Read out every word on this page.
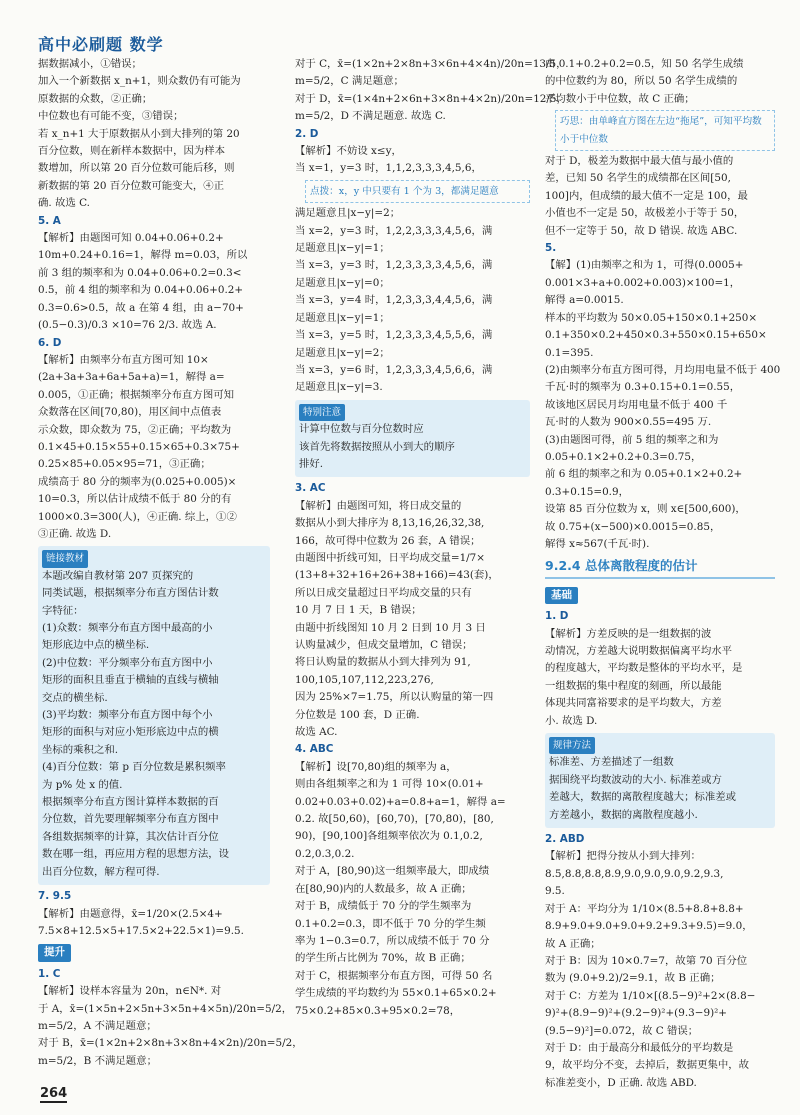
高中必刷题 数学
据数据减小，①错误；
加入一个新数据 x_n+1，则众数仍有可能为
原数据的众数，②正确；
中位数也有可能不变，③错误；
若 x_n+1 大于原数据从小到大排列的第 20
百分位数，则在新样本数据中，因为样本
数增加，所以第 20 百分位数可能后移，则
新数据的第 20 百分位数可能变大，④正
确. 故选 C.
5. A
【解析】由题图可知 0.04+0.06+0.2+
10m+0.24+0.16=1，解得 m=0.03，所以
前 3 组的频率和为 0.04+0.06+0.2=0.3<
0.5，前 4 组的频率和为 0.04+0.06+0.2+
0.3=0.6>0.5，故 a 在第 4 组，由 a−70+
(0.5−0.3)/0.3 ×10=76 2/3. 故选 A.
6. D
【解析】由频率分布直方图可知 10×
(2a+3a+3a+6a+5a+a)=1，解得 a=
0.005，①正确；根据频率分布直方图可知
众数落在区间[70,80)，用区间中点值表
示众数，即众数为 75，②正确；平均数为
0.1×45+0.15×55+0.15×65+0.3×75+
0.25×85+0.05×95=71，③正确；
成绩高于 80 分的频率为(0.025+0.005)×
10=0.3，所以估计成绩不低于 80 分的有
1000×0.3=300(人)，④正确. 综上，①②
③正确. 故选 D.
链接教材
本题改编自教材第 207 页探究的
同类试题，根据频率分布直方图估计数
字特征：
(1)众数：频率分布直方图中最高的小
矩形底边中点的横坐标.
(2)中位数：平分频率分布直方图中小
矩形的面积且垂直于横轴的直线与横轴
交点的横坐标.
(3)平均数：频率分布直方图中每个小
矩形的面积与对应小矩形底边中点的横
坐标的乘积之和.
(4)百分位数：第 p 百分位数是累积频率
为 p% 处 x 的值.
根据频率分布直方图计算样本数据的百
分位数，首先要理解频率分布直方图中
各组数据频率的计算，其次估计百分位
数在哪一组，再应用方程的思想方法，设
出百分位数，解方程可得.
7. 9.5
【解析】由题意得，x̄=1/20×(2.5×4+
7.5×8+12.5×5+17.5×2+22.5×1)=9.5.
提升
1. C
【解析】设样本容量为 20n，n∈N*. 对
于 A，x̄=(1×5n+2×5n+3×5n+4×5n)/20n=5/2，
m=5/2，A 不满足题意；
对于 B，x̄=(1×2n+2×8n+3×8n+4×2n)/20n=5/2，
m=5/2，B 不满足题意；
对于 C，x̄=(1×2n+2×8n+3×6n+4×4n)/20n=13/5，
m=5/2，C 满足题意；
对于 D，x̄=(1×4n+2×6n+3×8n+4×2n)/20n=12/5，
m=5/2，D 不满足题意. 故选 C.
2. D
【解析】不妨设 x≤y，
当 x=1，y=3 时，1,1,2,3,3,3,4,5,6，
点拨：x，y 中只要有 1 个为 3，都满足题意
满足题意且|x−y|=2；
当 x=2，y=3 时，1,2,2,3,3,3,4,5,6，满
足题意且|x−y|=1；
当 x=3，y=3 时，1,2,3,3,3,3,4,5,6，满
足题意且|x−y|=0；
当 x=3，y=4 时，1,2,3,3,3,4,4,5,6，满
足题意且|x−y|=1；
当 x=3，y=5 时，1,2,3,3,3,4,5,5,6，满
足题意且|x−y|=2；
当 x=3，y=6 时，1,2,3,3,3,4,5,6,6，满
足题意且|x−y|=3.
特别注意
计算中位数与百分位数时应
该首先将数据按照从小到大的顺序
排好.
3. AC
【解析】由题图可知，将日成交量的
数据从小到大排序为 8,13,16,26,32,38,
166，故可得中位数为 26 套，A 错误；
由题图中折线可知，日平均成交量=1/7×
(13+8+32+16+26+38+166)=43(套)，
所以日成交量超过日平均成交量的只有
10 月 7 日 1 天，B 错误；
由题中折线图知 10 月 2 日到 10 月 3 日
认购量减少，但成交量增加，C 错误；
将日认购量的数据从小到大排列为 91,
100,105,107,112,223,276,
因为 25%×7=1.75，所以认购量的第一四
分位数是 100 套，D 正确.
故选 AC.
4. ABC
【解析】设[70,80)组的频率为 a，
则由各组频率之和为 1 可得 10×(0.01+
0.02+0.03+0.02)+a=0.8+a=1，解得 a=
0.2. 故[50,60)，[60,70)，[70,80)，[80,
90)，[90,100]各组频率依次为 0.1,0.2,
0.2,0.3,0.2.
对于 A，[80,90)这一组频率最大，即成绩
在[80,90)内的人数最多，故 A 正确；
对于 B，成绩低于 70 分的学生频率为
0.1+0.2=0.3，即不低于 70 分的学生频
率为 1−0.3=0.7，所以成绩不低于 70 分
的学生所占比例为 70%，故 B 正确；
对于 C，根据频率分布直方图，可得 50 名
学生成绩的平均数约为 55×0.1+65×0.2+
75×0.2+85×0.3+95×0.2=78，
由 0.1+0.2+0.2=0.5，知 50 名学生成绩
的中位数约为 80，所以 50 名学生成绩的
平均数小于中位数，故 C 正确；
巧思：由单峰直方图在左边“拖尾”，可知平均数小于中位数
对于 D，极差为数据中最大值与最小值的
差，已知 50 名学生的成绩都在区间[50,
100]内，但成绩的最大值不一定是 100，最
小值也不一定是 50，故极差小于等于 50，
但不一定等于 50，故 D 错误. 故选 ABC.
5.
【解】(1)由频率之和为 1，可得(0.0005+
0.001×3+a+0.002+0.003)×100=1，
解得 a=0.0015.
样本的平均数为 50×0.05+150×0.1+250×
0.1+350×0.2+450×0.3+550×0.15+650×
0.1=395.
(2)由频率分布直方图可得，月均用电量不低于 400
千瓦·时的频率为 0.3+0.15+0.1=0.55，
故该地区居民月均用电量不低于 400 千
瓦·时的人数为 900×0.55=495 万.
(3)由题图可得，前 5 组的频率之和为
0.05+0.1×2+0.2+0.3=0.75，
前 6 组的频率之和为 0.05+0.1×2+0.2+
0.3+0.15=0.9，
设第 85 百分位数为 x，则 x∈[500,600)，
故 0.75+(x−500)×0.0015=0.85，
解得 x≈567(千瓦·时).
9.2.4 总体离散程度的估计
基础
1. D
【解析】方差反映的是一组数据的波
动情况，方差越大说明数据偏离平均水平
的程度越大，平均数是整体的平均水平，是
一组数据的集中程度的刻画，所以最能
体现共同富裕要求的是平均数大，方差
小. 故选 D.
规律方法
标准差、方差描述了一组数
据围绕平均数波动的大小. 标准差或方
差越大，数据的离散程度越大；标准差或
方差越小，数据的离散程度越小.
2. ABD
【解析】把得分按从小到大排列：
8.5,8.8,8.8,8.9,9.0,9.0,9.0,9.2,9.3,
9.5.
对于 A：平均分为 1/10×(8.5+8.8+8.8+
8.9+9.0+9.0+9.0+9.2+9.3+9.5)=9.0，
故 A 正确；
对于 B：因为 10×0.7=7，故第 70 百分位
数为 (9.0+9.2)/2=9.1，故 B 正确；
对于 C：方差为 1/10×[(8.5−9)²+2×(8.8−
9)²+(8.9−9)²+(9.2−9)²+(9.3−9)²+
(9.5−9)²]=0.072，故 C 错误；
对于 D：由于最高分和最低分的平均数是
9，故平均分不变，去掉后，数据更集中，故
标准差变小，D 正确. 故选 ABD.
264
